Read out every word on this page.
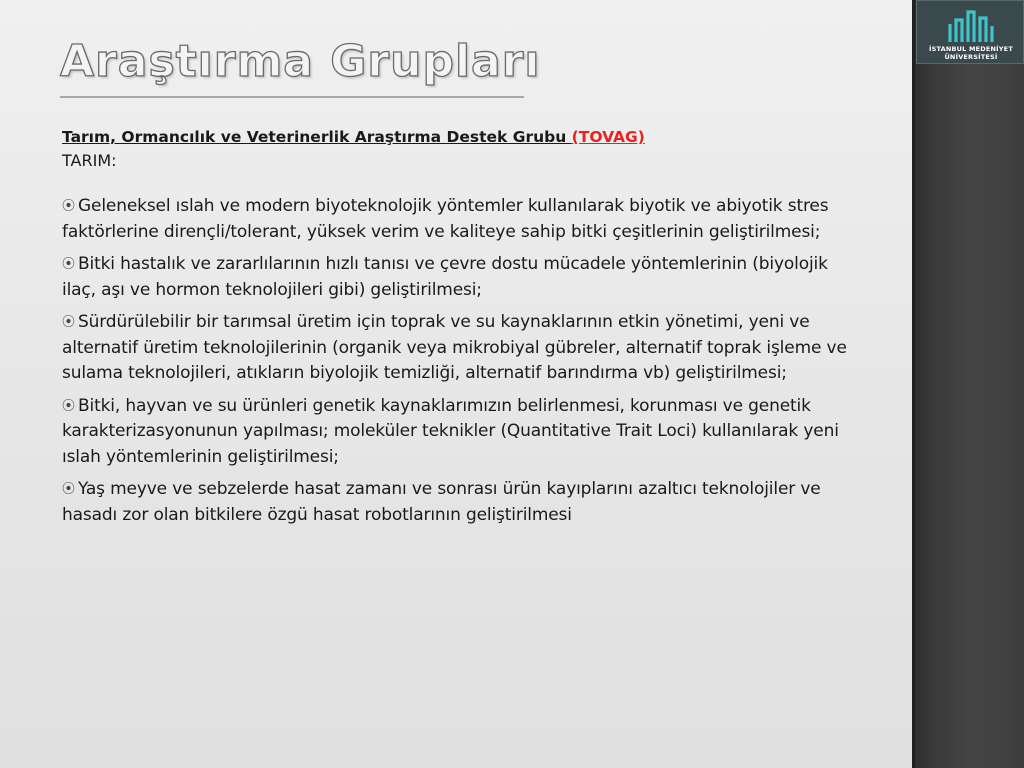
Araştırma Grupları

Tarım, Ormancılık ve Veterinerlik Araştırma Destek Grubu (TOVAG)

TARIM:

⦿ Geleneksel ıslah ve modern biyoteknolojik yöntemler kullanılarak biyotik ve abiyotik stres faktörlerine dirençli/tolerant, yüksek verim ve kaliteye sahip bitki çeşitlerinin geliştirilmesi;
⦿ Bitki hastalık ve zararlılarının hızlı tanısı ve çevre dostu mücadele yöntemlerinin (biyolojik ilaç, aşı ve hormon teknolojileri gibi) geliştirilmesi;
⦿ Sürdürülebilir bir tarımsal üretim için toprak ve su kaynaklarının etkin yönetimi, yeni ve alternatif üretim teknolojilerinin (organik veya mikrobiyal gübreler, alternatif toprak işleme ve sulama teknolojileri, atıkların biyolojik temizliği, alternatif barındırma vb) geliştirilmesi;
⦿ Bitki, hayvan ve su ürünleri genetik kaynaklarımızın belirlenmesi, korunması ve genetik karakterizasyonunun yapılması; moleküler teknikler (Quantitative Trait Loci) kullanılarak yeni ıslah yöntemlerinin geliştirilmesi;
⦿ Yaş meyve ve sebzelerde hasat zamanı ve sonrası ürün kayıplarını azaltıcı teknolojiler ve hasadı zor olan bitkilere özgü hasat robotlarının geliştirilmesi
İSTANBUL MEDENİYET
ÜNİVERSİTESİ
